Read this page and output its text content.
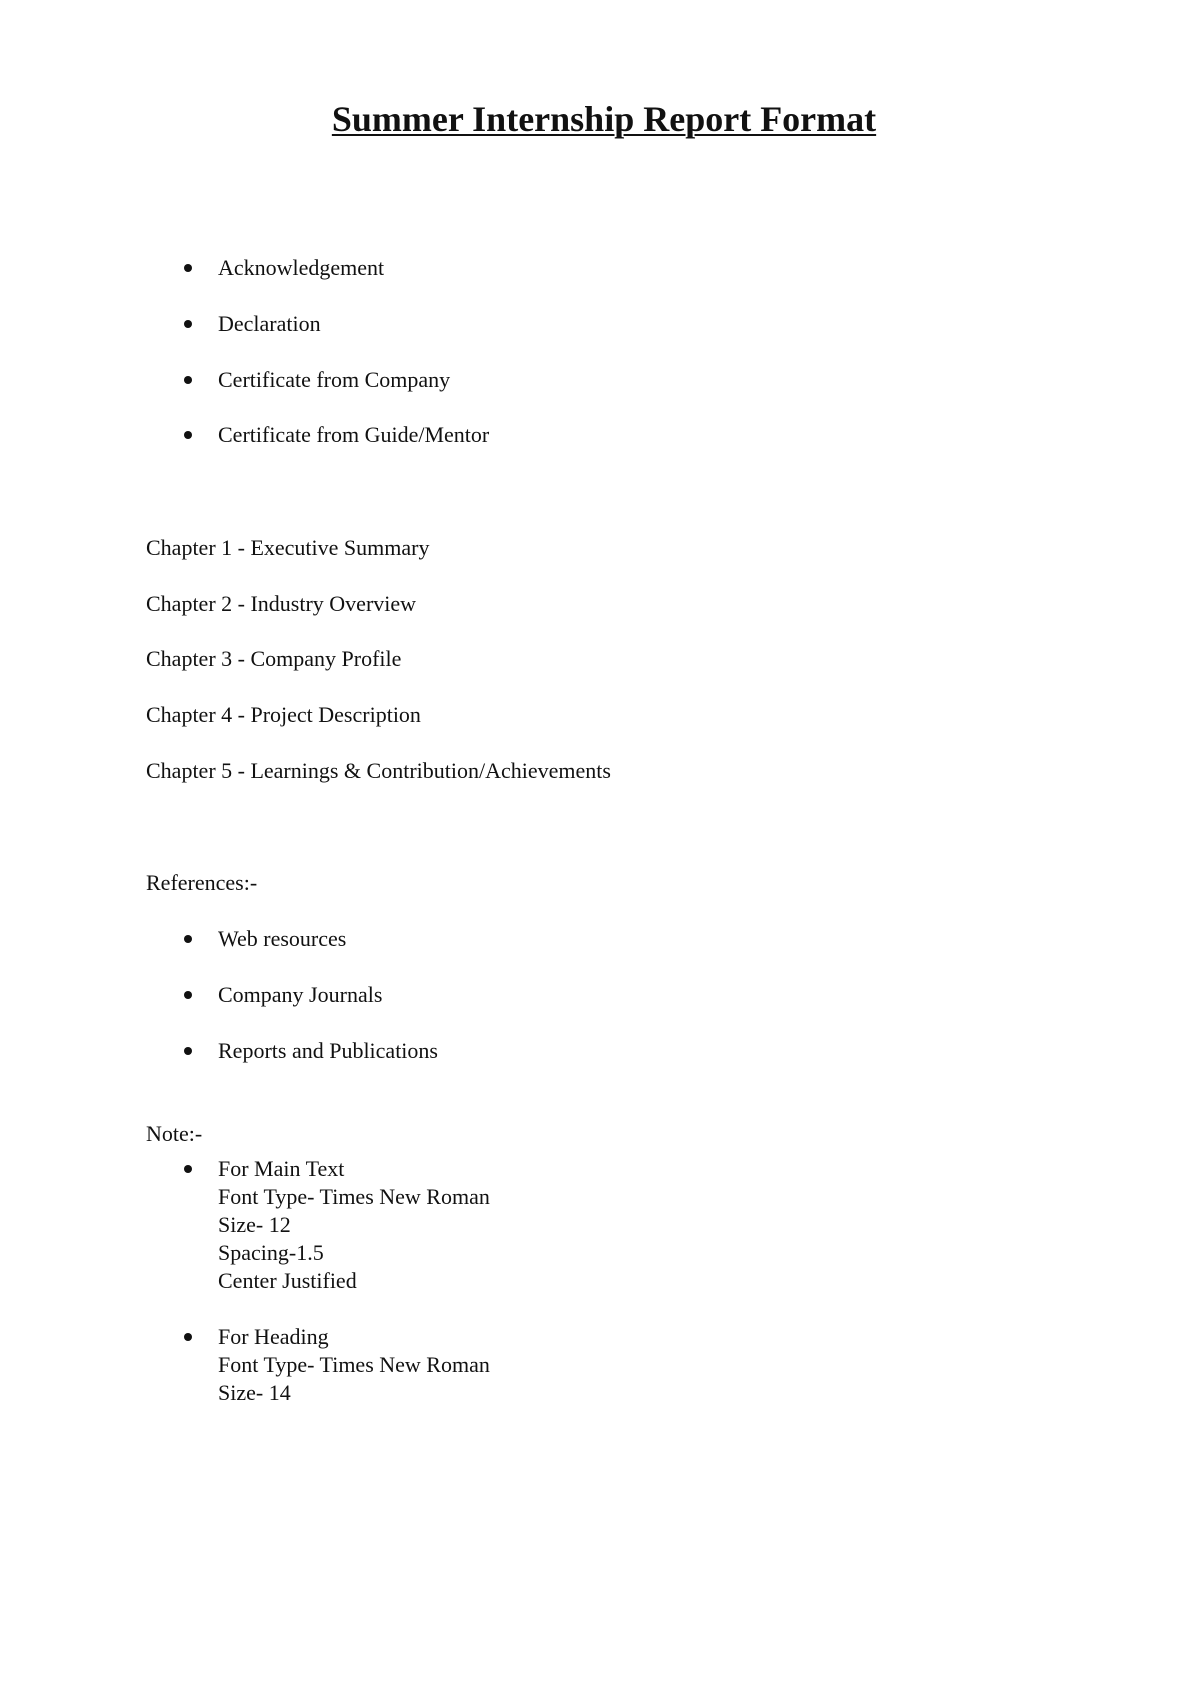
Summer Internship Report Format
Acknowledgement
Declaration
Certificate from Company
Certificate from Guide/Mentor
Chapter 1 - Executive Summary
Chapter 2 - Industry Overview
Chapter 3 - Company Profile
Chapter 4 - Project Description
Chapter 5 - Learnings & Contribution/Achievements
References:-
Web resources
Company Journals
Reports and Publications
Note:-
For Main Text
Font Type- Times New Roman
Size- 12
Spacing-1.5
Center Justified
For Heading
Font Type- Times New Roman
Size- 14
